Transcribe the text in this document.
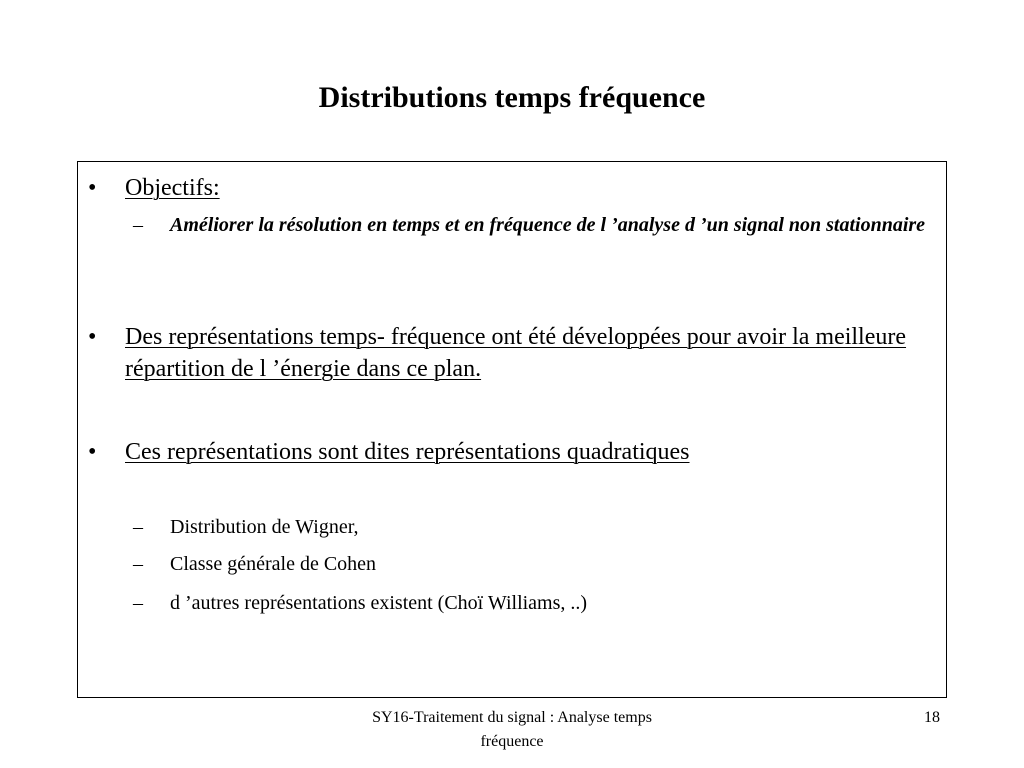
Distributions temps fréquence
• Objectifs:
– Améliorer la résolution en temps et en fréquence de l ’analyse d ’un signal non stationnaire
• Des représentations temps- fréquence ont été développées pour avoir la meilleure répartition de l ’énergie dans ce plan.
• Ces représentations sont dites représentations quadratiques
– Distribution de Wigner,
– Classe générale de Cohen
– d ’autres représentations existent (Choï Williams, ..)
SY16-Traitement du signal : Analyse temps fréquence
18
